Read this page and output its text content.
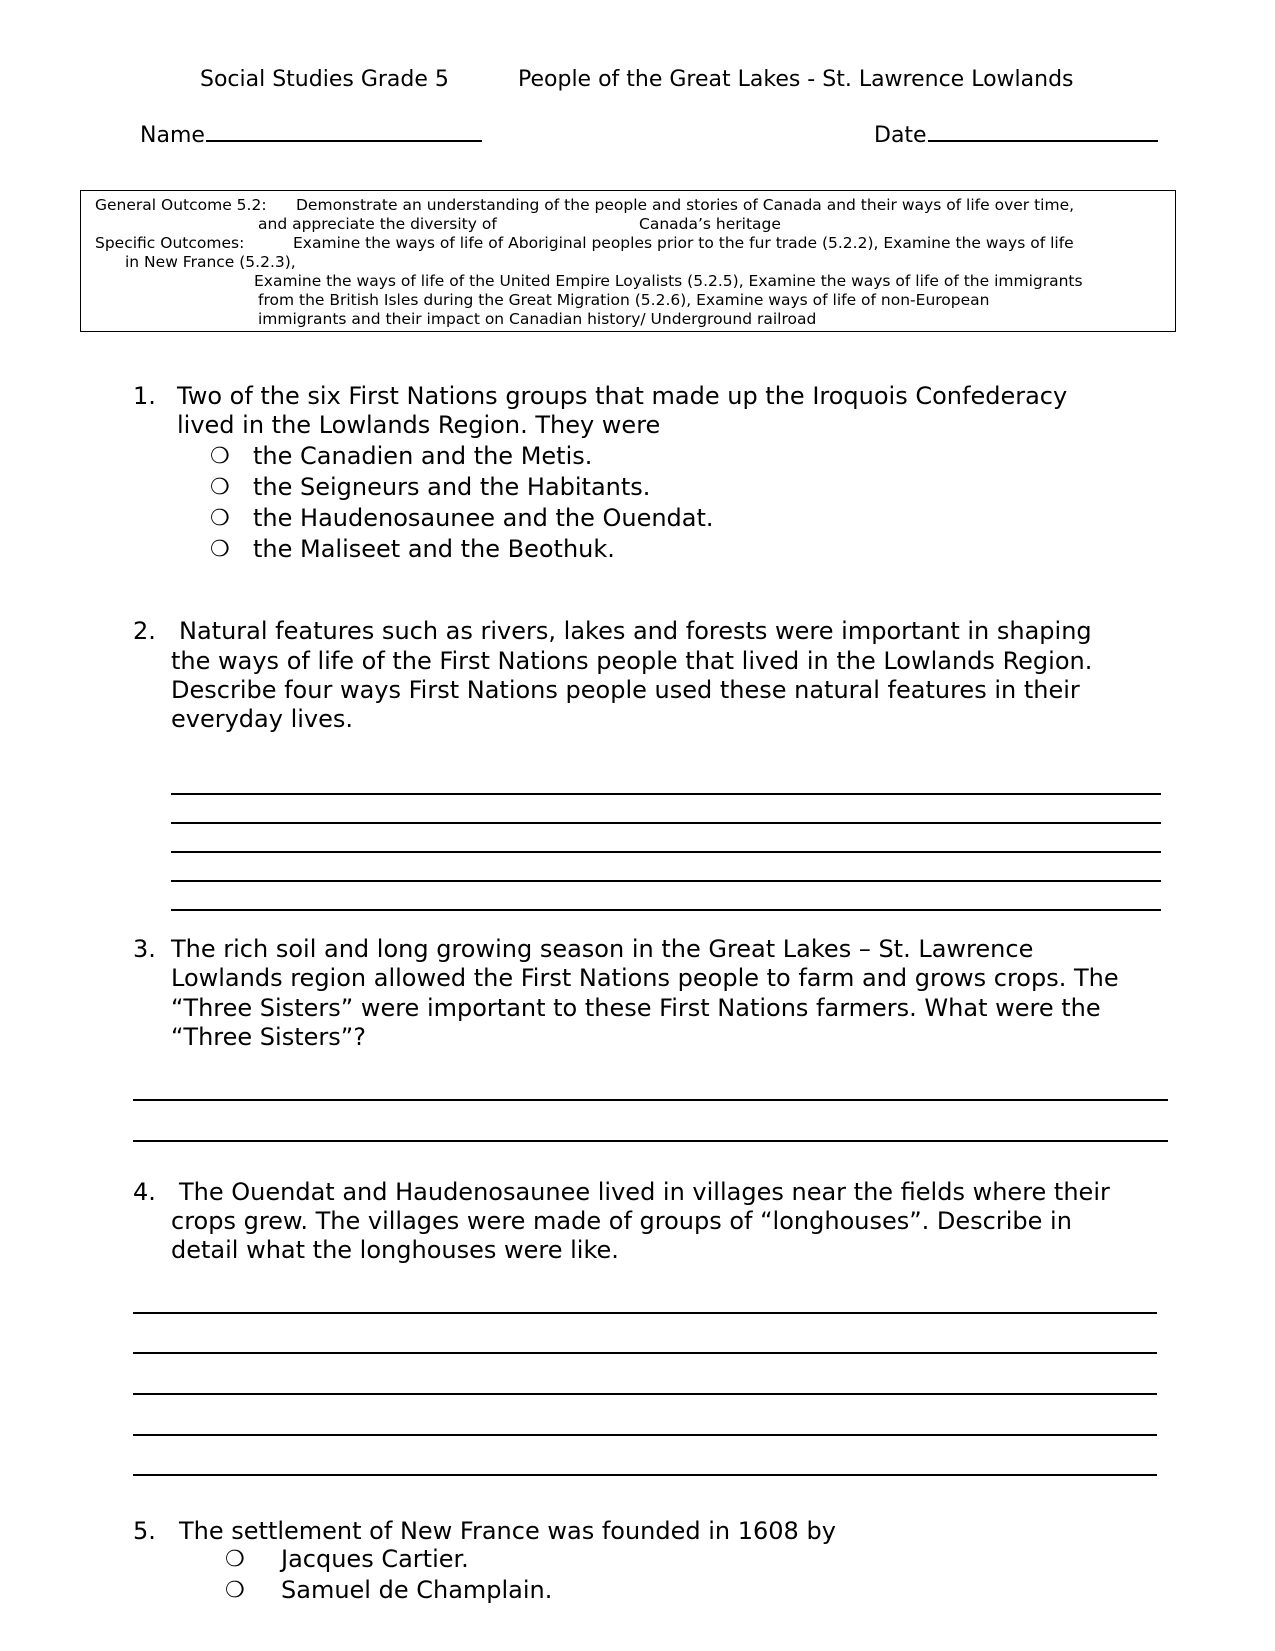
Social Studies Grade 5	People of the Great Lakes - St. Lawrence Lowlands
Name	Date
General Outcome 5.2: Demonstrate an understanding of the people and stories of Canada and their ways of life over time,
and appreciate the diversity of	Canada’s heritage
Specific Outcomes:	Examine the ways of life of Aboriginal peoples prior to the fur trade (5.2.2), Examine the ways of life
in New France (5.2.3),
Examine the ways of life of the United Empire Loyalists (5.2.5), Examine the ways of life of the immigrants
from the British Isles during the Great Migration (5.2.6), Examine ways of life of non-European
immigrants and their impact on Canadian history/ Underground railroad
1. Two of the six First Nations groups that made up the Iroquois Confederacy
lived in the Lowlands Region. They were
❍ the Canadien and the Metis.
❍ the Seigneurs and the Habitants.
❍ the Haudenosaunee and the Ouendat.
❍ the Maliseet and the Beothuk.
2. Natural features such as rivers, lakes and forests were important in shaping
the ways of life of the First Nations people that lived in the Lowlands Region.
Describe four ways First Nations people used these natural features in their
everyday lives.
3. The rich soil and long growing season in the Great Lakes – St. Lawrence
Lowlands region allowed the First Nations people to farm and grows crops. The
“Three Sisters” were important to these First Nations farmers. What were the
“Three Sisters”?
4. The Ouendat and Haudenosaunee lived in villages near the fields where their
crops grew. The villages were made of groups of “longhouses”. Describe in
detail what the longhouses were like.
5. The settlement of New France was founded in 1608 by
❍ Jacques Cartier.
❍ Samuel de Champlain.
